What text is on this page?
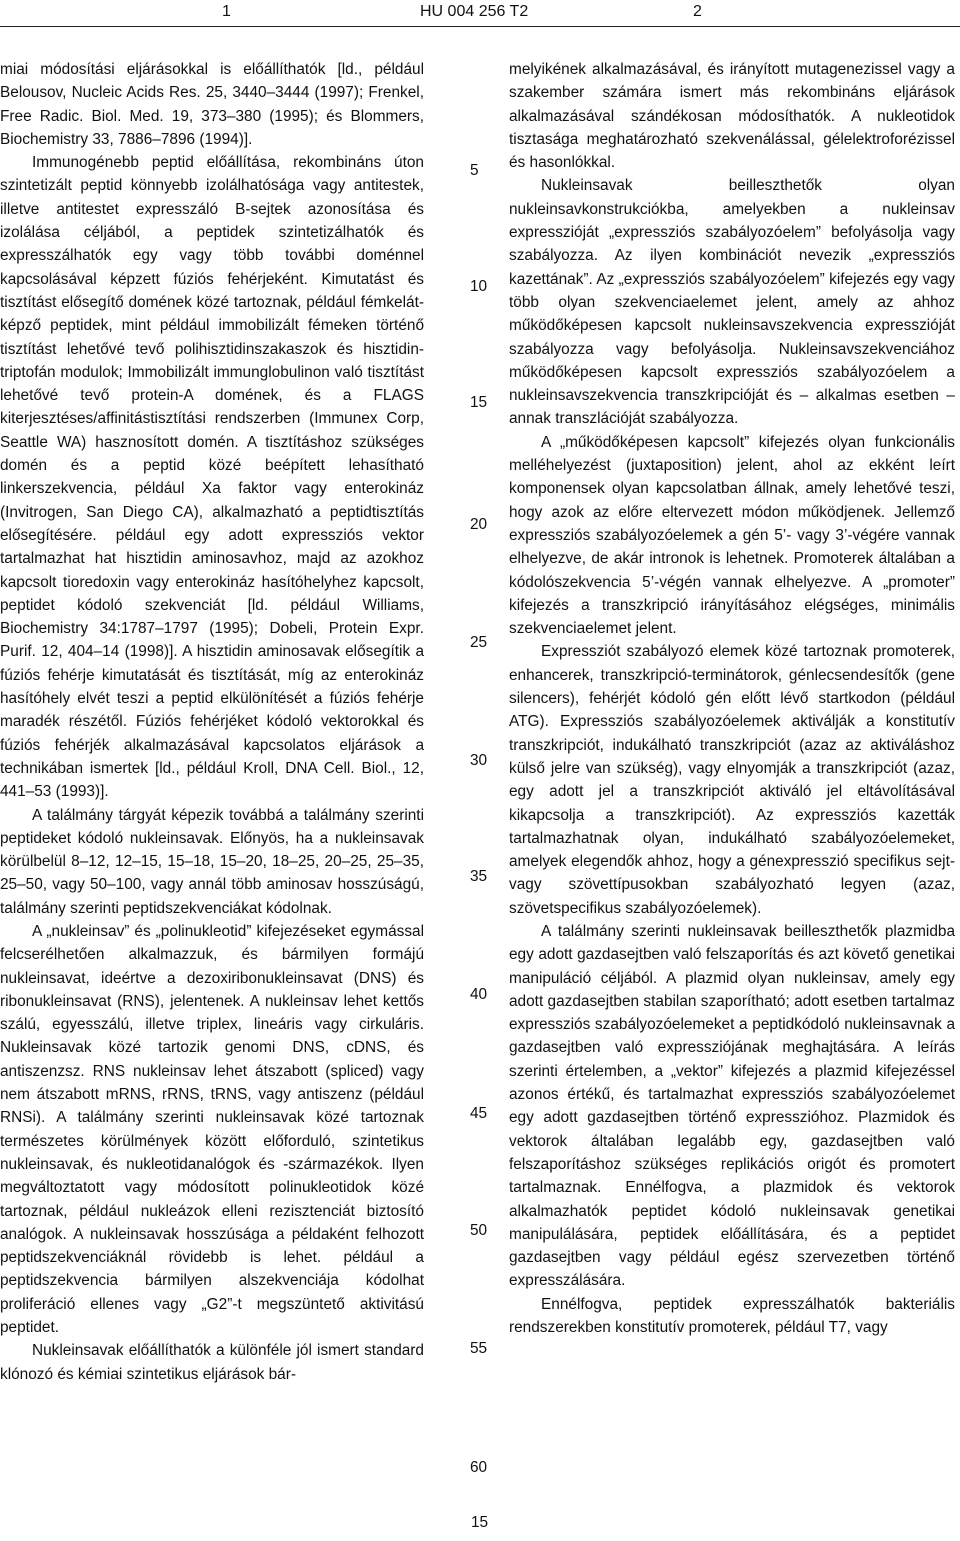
1	HU 004 256 T2	2

miai módosítási eljárásokkal is előállíthatók [ld., például Belousov, Nucleic Acids Res. 25, 3440–3444 (1997); Frenkel, Free Radic. Biol. Med. 19, 373–380 (1995); és Blommers, Biochemistry 33, 7886–7896 (1994)].

Immunogénebb peptid előállítása, rekombináns úton szintetizált peptid könnyebb izolálhatósága vagy antitestek, illetve antitestet expresszáló B-sejtek azonosítása és izolálása céljából, a peptidek szintetizálhatók és expresszálhatók egy vagy több további doménnel kapcsolásával képzett fúziós fehérjeként. Kimutatást és tisztítást elősegítő domének közé tartoznak, például fémkelát-képző peptidek, mint például immobilizált fémeken történő tisztítást lehetővé tevő polihisztidinszakaszok és hisztidin-triptofán modulok; Immobilizált immunglobulinon való tisztítást lehetővé tevő protein-A domének, és a FLAGS kiterjesztéses/affinitástisztítási rendszerben (Immunex Corp, Seattle WA) hasznosított domén. A tisztításhoz szükséges domén és a peptid közé beépített lehasítható linkerszekvencia, például Xa faktor vagy enterokináz (Invitrogen, San Diego CA), alkalmazható a peptidtisztítás elősegítésére. például egy adott expressziós vektor tartalmazhat hat hisztidin aminosavhoz, majd az azokhoz kapcsolt tioredoxin vagy enterokináz hasítóhelyhez kapcsolt, peptidet kódoló szekvenciát [ld. például Williams, Biochemistry 34:1787–1797 (1995); Dobeli, Protein Expr. Purif. 12, 404–14 (1998)]. A hisztidin aminosavak elősegítik a fúziós fehérje kimutatását és tisztítását, míg az enterokináz hasítóhely elvét teszi a peptid elkülönítését a fúziós fehérje maradék részétől. Fúziós fehérjéket kódoló vektorokkal és fúziós fehérjék alkalmazásával kapcsolatos eljárások a technikában ismertek [ld., például Kroll, DNA Cell. Biol., 12, 441–53 (1993)].

A találmány tárgyát képezik továbbá a találmány szerinti peptideket kódoló nukleinsavak. Előnyös, ha a nukleinsavak körülbelül 8–12, 12–15, 15–18, 15–20, 18–25, 20–25, 25–35, 25–50, vagy 50–100, vagy annál több aminosav hosszúságú, találmány szerinti peptidszekvenciákat kódolnak.

A „nukleinsav” és „polinukleotid” kifejezéseket egymással felcserélhetően alkalmazzuk, és bármilyen formájú nukleinsavat, ideértve a dezoxiribonukleinsavat (DNS) és ribonukleinsavat (RNS), jelentenek. A nukleinsav lehet kettős szálú, egyesszálú, illetve triplex, lineáris vagy cirkuláris. Nukleinsavak közé tartozik genomi DNS, cDNS, és antiszenzsz. RNS nukleinsav lehet átszabott (spliced) vagy nem átszabott mRNS, rRNS, tRNS, vagy antiszenz (például RNSi). A találmány szerinti nukleinsavak közé tartoznak természetes körülmények között előforduló, szintetikus nukleinsavak, és nukleotidanalógok és -származékok. Ilyen megváltoztatott vagy módosított polinukleotidok közé tartoznak, például nukleázok elleni rezisztenciát biztosító analógok. A nukleinsavak hosszúsága a példaként felhozott peptidszekvenciáknál rövidebb is lehet. például a peptidszekvencia bármilyen alszekvenciája kódolhat proliferáció ellenes vagy „G2”-t megszüntető aktivitású peptidet.

Nukleinsavak előállíthatók a különféle jól ismert standard klónozó és kémiai szintetikus eljárások bár-

5
10
15
20
25
30
35
40
45
50
55
60

melyikének alkalmazásával, és irányított mutagenezissel vagy a szakember számára ismert más rekombináns eljárások alkalmazásával szándékosan módosíthatók. A nukleotidok tisztasága meghatározható szekvenálással, gélelektroforézissel és hasonlókkal.

Nukleinsavak beilleszthetők olyan nukleinsavkonstrukciókba, amelyekben a nukleinsav expresszióját „expressziós szabályozóelem” befolyásolja vagy szabályozza. Az ilyen kombinációt nevezik „expressziós kazettának”. Az „expressziós szabályozóelem” kifejezés egy vagy több olyan szekvenciaelemet jelent, amely az ahhoz működőképesen kapcsolt nukleinsavszekvencia expresszióját szabályozza vagy befolyásolja. Nukleinsavszekvenciához működőképesen kapcsolt expressziós szabályozóelem a nukleinsavszekvencia transzkripcióját és – alkalmas esetben – annak transzlációját szabályozza.

A „működőképesen kapcsolt” kifejezés olyan funkcionális melléhelyezést (juxtaposition) jelent, ahol az ekként leírt komponensek olyan kapcsolatban állnak, amely lehetővé teszi, hogy azok az előre eltervezett módon működjenek. Jellemző expressziós szabályozóelemek a gén 5’- vagy 3’-végére vannak elhelyezve, de akár intronok is lehetnek. Promoterek általában a kódolószekvencia 5’-végén vannak elhelyezve. A „promoter” kifejezés a transzkripció irányításához elégséges, minimális szekvenciaelemet jelent.

Expressziót szabályozó elemek közé tartoznak promoterek, enhancerek, transzkripció-terminátorok, génlecsendesítők (gene silencers), fehérjét kódoló gén előtt lévő startkodon (például ATG). Expressziós szabályozóelemek aktiválják a konstitutív transzkripciót, indukálható transzkripciót (azaz az aktiváláshoz külső jelre van szükség), vagy elnyomják a transzkripciót (azaz, egy adott jel a transzkripciót aktiváló jel eltávolításával kikapcsolja a transzkripciót). Az expressziós kazetták tartalmazhatnak olyan, indukálható szabályozóelemeket, amelyek elegendők ahhoz, hogy a génexpresszió specifikus sejt- vagy szövettípusokban szabályozható legyen (azaz, szövetspecifikus szabályozóelemek).

A találmány szerinti nukleinsavak beilleszthetők plazmidba egy adott gazdasejtben való felszaporítás és azt követő genetikai manipuláció céljából. A plazmid olyan nukleinsav, amely egy adott gazdasejtben stabilan szaporítható; adott esetben tartalmaz expressziós szabályozóelemeket a peptidkódoló nukleinsavnak a gazdasejtben való expressziójának meghajtására. A leírás szerinti értelemben, a „vektor” kifejezés a plazmid kifejezéssel azonos értékű, és tartalmazhat expressziós szabályozóelemet egy adott gazdasejtben történő expresszióhoz. Plazmidok és vektorok általában legalább egy, gazdasejtben való felszaporításhoz szükséges replikációs origót és promotert tartalmaznak. Ennélfogva, a plazmidok és vektorok alkalmazhatók peptidet kódoló nukleinsavak genetikai manipulálására, peptidek előállítására, és a peptidet gazdasejtben vagy például egész szervezetben történő expresszálására.

Ennélfogva, peptidek expresszálhatók bakteriális rendszerekben konstitutív promoterek, például T7, vagy

15
